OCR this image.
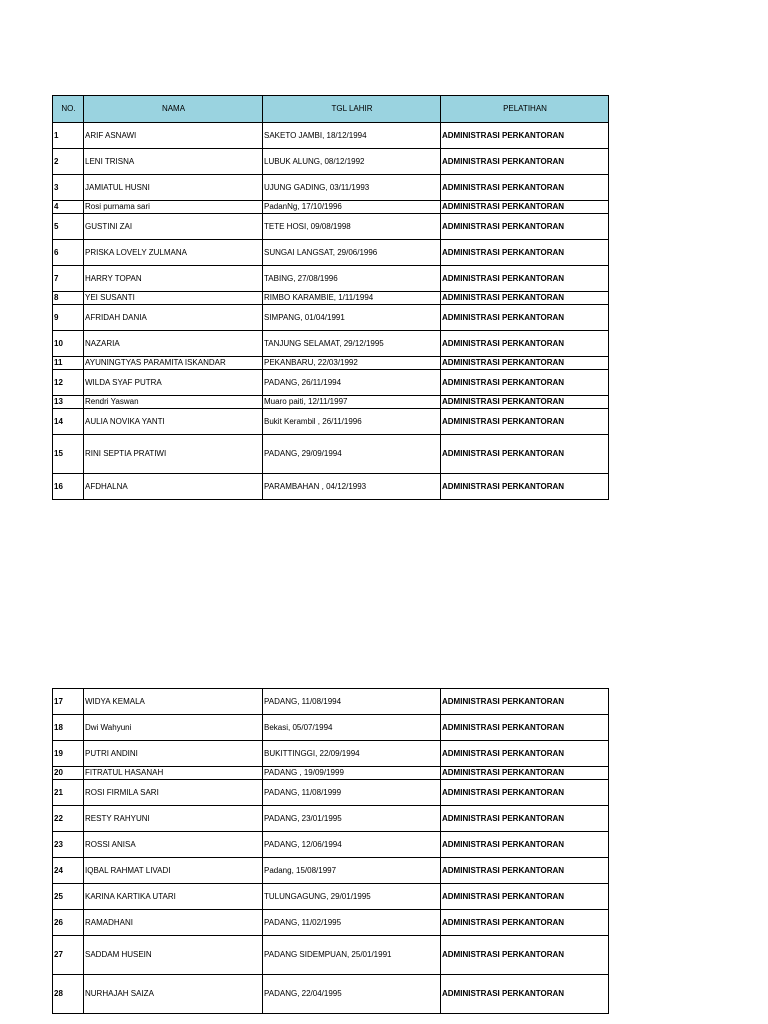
NO.	NAMA	TGL LAHIR	PELATIHAN
1	ARIF ASNAWI	SAKETO JAMBI, 18/12/1994	ADMINISTRASI PERKANTORAN
2	LENI TRISNA	LUBUK ALUNG, 08/12/1992	ADMINISTRASI PERKANTORAN
3	JAMIATUL HUSNI	UJUNG GADING, 03/11/1993	ADMINISTRASI PERKANTORAN
4	Rosi purnama sari	PadanNg, 17/10/1996	ADMINISTRASI PERKANTORAN
5	GUSTINI ZAI	TETE HOSI, 09/08/1998	ADMINISTRASI PERKANTORAN
6	PRISKA LOVELY ZULMANA	SUNGAI LANGSAT, 29/06/1996	ADMINISTRASI PERKANTORAN
7	HARRY TOPAN	TABING, 27/08/1996	ADMINISTRASI PERKANTORAN
8	YEI SUSANTI	RIMBO KARAMBIE, 1/11/1994	ADMINISTRASI PERKANTORAN
9	AFRIDAH DANIA	SIMPANG, 01/04/1991	ADMINISTRASI PERKANTORAN
10	NAZARIA	TANJUNG SELAMAT, 29/12/1995	ADMINISTRASI PERKANTORAN
11	AYUNINGTYAS PARAMITA ISKANDAR	PEKANBARU, 22/03/1992	ADMINISTRASI PERKANTORAN
12	WILDA SYAF PUTRA	PADANG, 26/11/1994	ADMINISTRASI PERKANTORAN
13	Rendri Yaswan	Muaro paiti, 12/11/1997	ADMINISTRASI PERKANTORAN
14	AULIA NOVIKA YANTI	Bukit Kerambil , 26/11/1996	ADMINISTRASI PERKANTORAN
15	RINI SEPTIA PRATIWI	PADANG, 29/09/1994	ADMINISTRASI PERKANTORAN
16	AFDHALNA	PARAMBAHAN , 04/12/1993	ADMINISTRASI PERKANTORAN
17	WIDYA KEMALA	PADANG, 11/08/1994	ADMINISTRASI PERKANTORAN
18	Dwi Wahyuni	Bekasi, 05/07/1994	ADMINISTRASI PERKANTORAN
19	PUTRI ANDINI	BUKITTINGGI, 22/09/1994	ADMINISTRASI PERKANTORAN
20	FITRATUL HASANAH	PADANG , 19/09/1999	ADMINISTRASI PERKANTORAN
21	ROSI FIRMILA SARI	PADANG, 11/08/1999	ADMINISTRASI PERKANTORAN
22	RESTY RAHYUNI	PADANG, 23/01/1995	ADMINISTRASI PERKANTORAN
23	ROSSI ANISA	PADANG, 12/06/1994	ADMINISTRASI PERKANTORAN
24	IQBAL RAHMAT LIVADI	Padang, 15/08/1997	ADMINISTRASI PERKANTORAN
25	KARINA KARTIKA UTARI	TULUNGAGUNG, 29/01/1995	ADMINISTRASI PERKANTORAN
26	RAMADHANI	PADANG, 11/02/1995	ADMINISTRASI PERKANTORAN
27	SADDAM HUSEIN	PADANG SIDEMPUAN, 25/01/1991	ADMINISTRASI PERKANTORAN
28	NURHAJAH SAIZA	PADANG, 22/04/1995	ADMINISTRASI PERKANTORAN
